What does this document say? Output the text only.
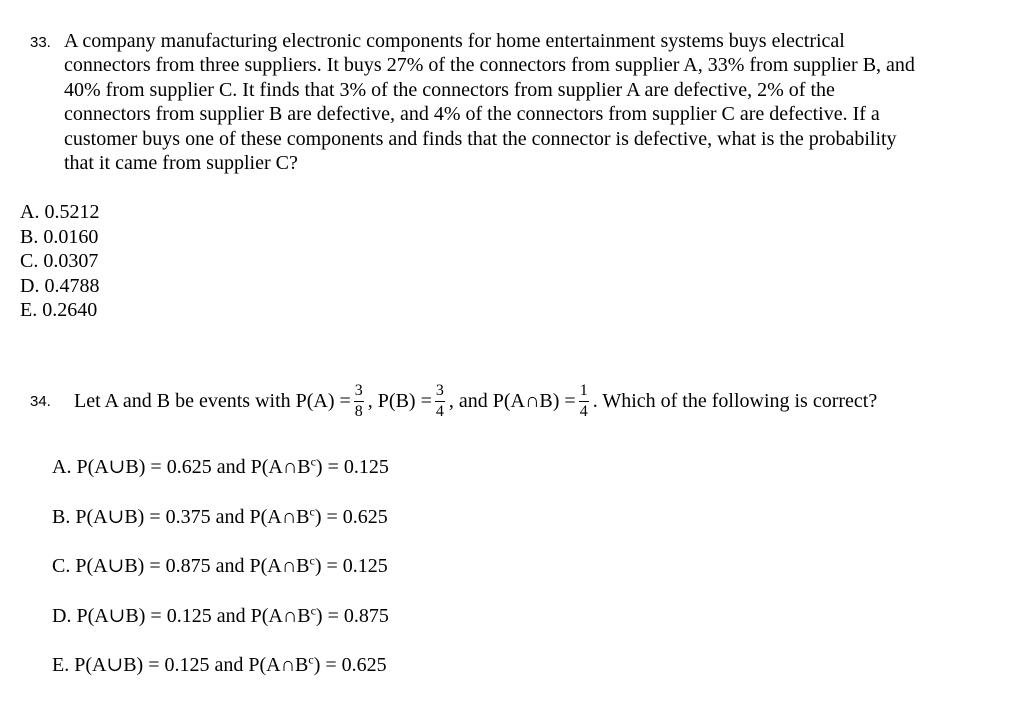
33. A company manufacturing electronic components for home entertainment systems buys electrical
connectors from three suppliers. It buys 27% of the connectors from supplier A, 33% from supplier B, and
40% from supplier C. It finds that 3% of the connectors from supplier A are defective, 2% of the
connectors from supplier B are defective, and 4% of the connectors from supplier C are defective. If a
customer buys one of these components and finds that the connector is defective, what is the probability
that it came from supplier C?
A. 0.5212
B. 0.0160
C. 0.0307
D. 0.4788
E. 0.2640
34. Let A and B be events with $P(A) = \frac{3}{8}$ , $P(B) = \frac{3}{4}$ , and P(A∩B) = $\frac{1}{4}$ . Which of the following is correct?
A. P(A∪B) = 0.625 and $P(A\cap B^c) = 0.125$
B. P(A∪B) = 0.375 and $P(A\cap B^c) = 0.625$
C. P(A∪B) = 0.875 and $P(A\cap B^c) = 0.125$
D. P(A∪B) = 0.125 and $P(A\cap B^c) = 0.875$
E. P(A∪B) = 0.125 and $P(A\cap B^c) = 0.625$
